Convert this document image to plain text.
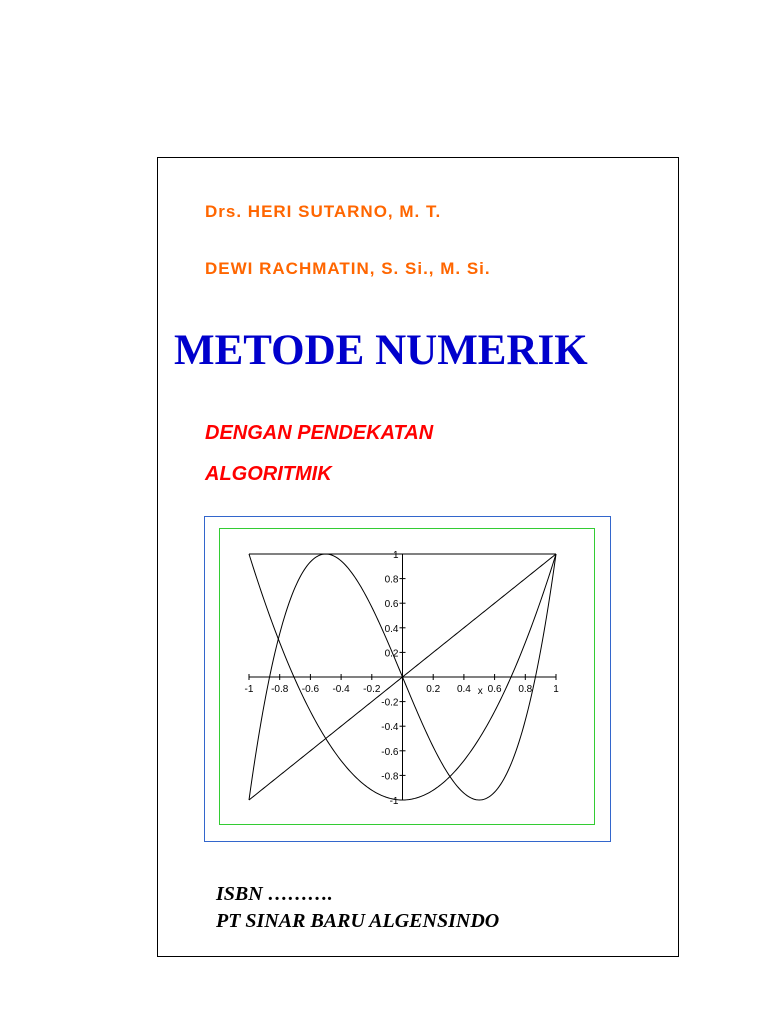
Drs. HERI SUTARNO, M. T.
DEWI RACHMATIN, S. Si., M. Si.
METODE NUMERIK
DENGAN PENDEKATAN
ALGORITMIK
-1 -0.8 -0.6 -0.4 -0.2	0.2 0.4 0.6 0.8 1
1
0.8
0.6
0.4
0.2
-0.2
-0.4
-0.6
-0.8
-1
x
ISBN ……….
PT SINAR BARU ALGENSINDO
